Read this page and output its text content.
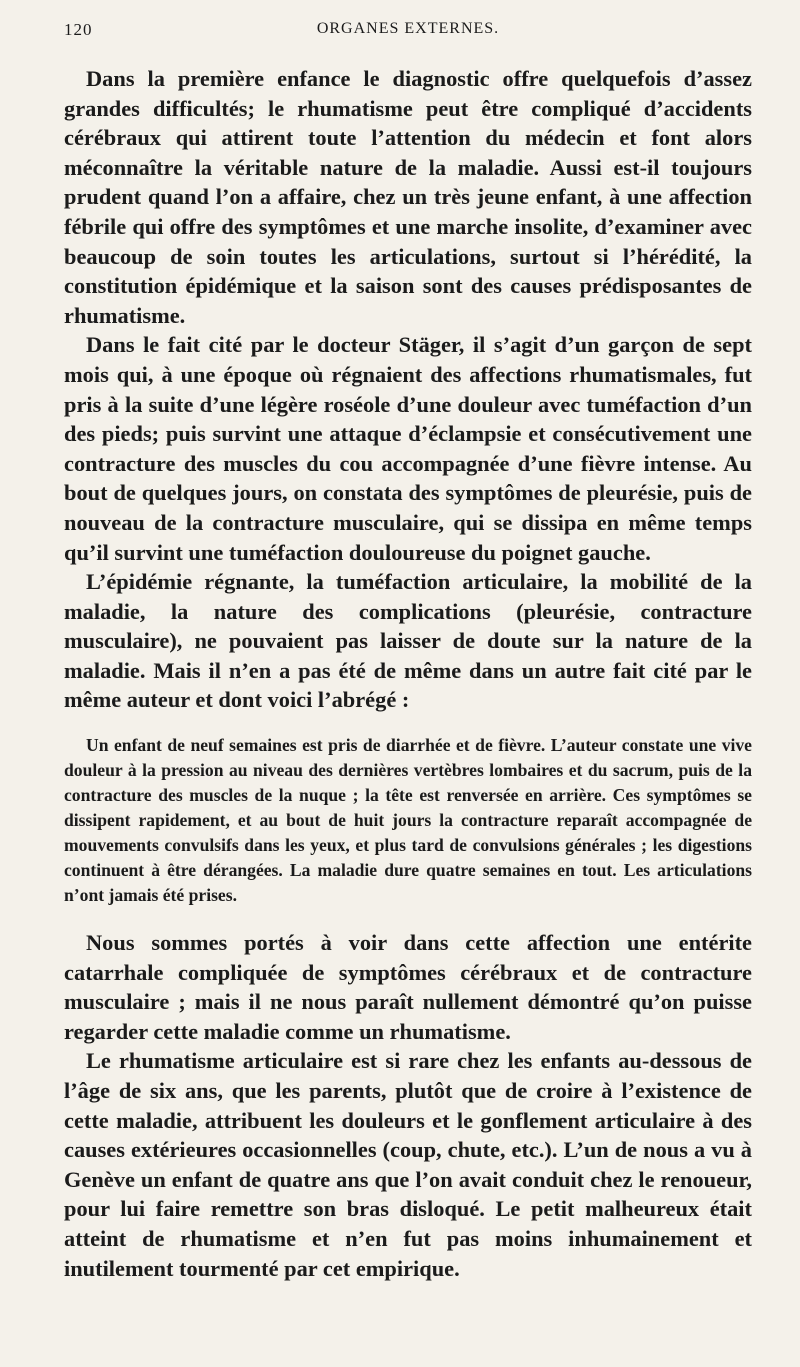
120	ORGANES EXTERNES.

Dans la première enfance le diagnostic offre quelquefois d’assez grandes difficultés; le rhumatisme peut être compliqué d’accidents cérébraux qui attirent toute l’attention du médecin et font alors méconnaître la véritable nature de la maladie. Aussi est-il toujours prudent quand l’on a affaire, chez un très jeune enfant, à une affection fébrile qui offre des symptômes et une marche insolite, d’examiner avec beaucoup de soin toutes les articulations, surtout si l’hérédité, la constitution épidémique et la saison sont des causes prédisposantes de rhumatisme.

Dans le fait cité par le docteur Stäger, il s’agit d’un garçon de sept mois qui, à une époque où régnaient des affections rhumatismales, fut pris à la suite d’une légère roséole d’une douleur avec tuméfaction d’un des pieds; puis survint une attaque d’éclampsie et consécutivement une contracture des muscles du cou accompagnée d’une fièvre intense. Au bout de quelques jours, on constata des symptômes de pleurésie, puis de nouveau de la contracture musculaire, qui se dissipa en même temps qu’il survint une tuméfaction douloureuse du poignet gauche.

L’épidémie régnante, la tuméfaction articulaire, la mobilité de la maladie, la nature des complications (pleurésie, contracture musculaire), ne pouvaient pas laisser de doute sur la nature de la maladie. Mais il n’en a pas été de même dans un autre fait cité par le même auteur et dont voici l’abrégé :

Un enfant de neuf semaines est pris de diarrhée et de fièvre. L’auteur constate une vive douleur à la pression au niveau des dernières vertèbres lombaires et du sacrum, puis de la contracture des muscles de la nuque ; la tête est renversée en arrière. Ces symptômes se dissipent rapidement, et au bout de huit jours la contracture reparaît accompagnée de mouvements convulsifs dans les yeux, et plus tard de convulsions générales ; les digestions continuent à être dérangées. La maladie dure quatre semaines en tout. Les articulations n’ont jamais été prises.

Nous sommes portés à voir dans cette affection une entérite catarrhale compliquée de symptômes cérébraux et de contracture musculaire ; mais il ne nous paraît nullement démontré qu’on puisse regarder cette maladie comme un rhumatisme.

Le rhumatisme articulaire est si rare chez les enfants au-dessous de l’âge de six ans, que les parents, plutôt que de croire à l’existence de cette maladie, attribuent les douleurs et le gonflement articulaire à des causes extérieures occasionnelles (coup, chute, etc.). L’un de nous a vu à Genève un enfant de quatre ans que l’on avait conduit chez le renoueur, pour lui faire remettre son bras disloqué. Le petit malheureux était atteint de rhumatisme et n’en fut pas moins inhumainement et inutilement tourmenté par cet empirique.
